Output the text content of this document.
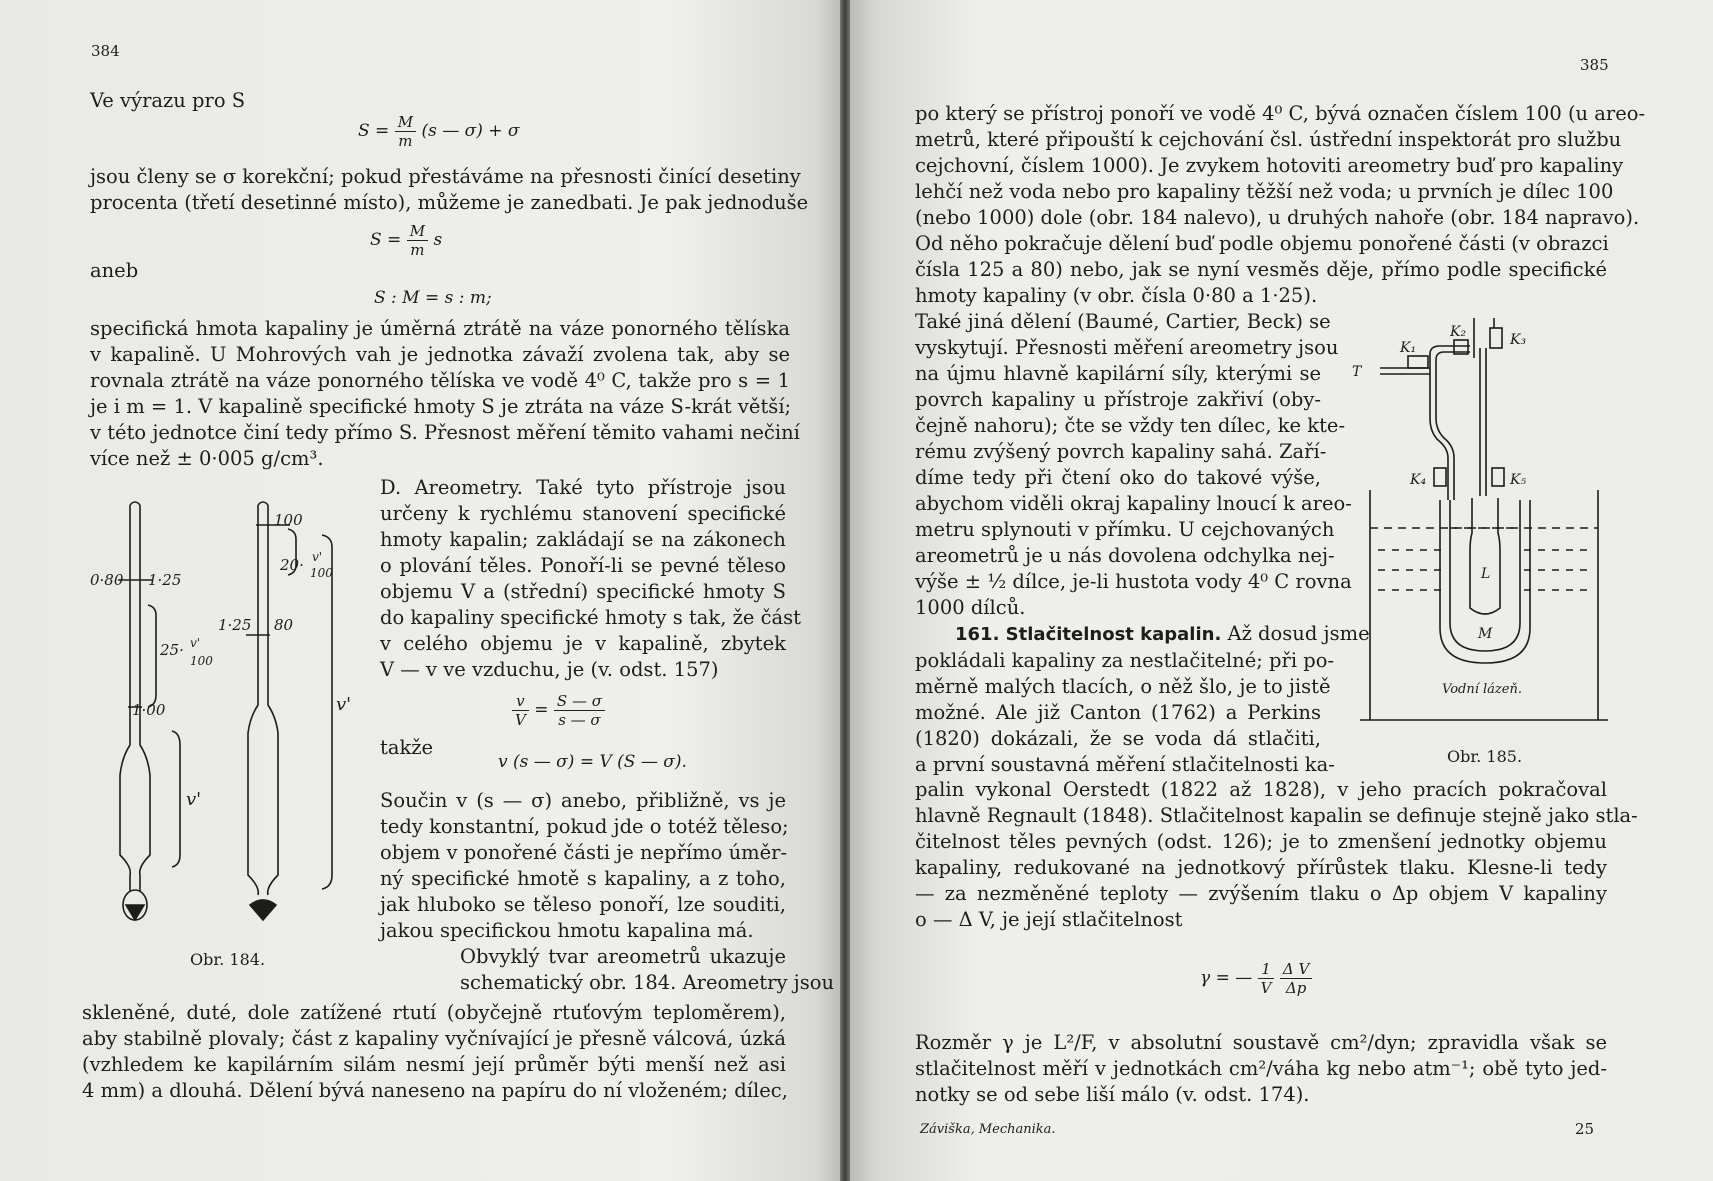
384
Ve výrazu pro S
$S = \frac{M}{m} (s$ — σ) + σ
jsou členy se σ korekční; pokud přestáváme na přesnosti činící desetiny
procenta (třetí desetinné místo), můžeme je zanedbati. Je pak jednoduše
$S = \frac{M}{m}$ s
aneb
S : M = s : m;
specifická hmota kapaliny je úměrná ztrátě na váze ponorného tělíska
v kapalině. U Mohrových vah je jednotka závaží zvolena tak, aby se
rovnala ztrátě na váze ponorného tělíska ve vodě 4⁰ C, takže pro s = 1
je i m = 1. V kapalině specifické hmoty S je ztráta na váze S-krát větší;
v této jednotce činí tedy přímo S. Přesnost měření těmito vahami nečiní
více než ± 0·005 g/cm³.
D. Areometry. Také tyto přístroje jsou
určeny k rychlému stanovení specifické
hmoty kapalin; zakládají se na zákonech
o plování těles. Ponoří-li se pevné těleso
objemu V a (střední) specifické hmoty S
do kapaliny specifické hmoty s tak, že část
v celého objemu je v kapalině, zbytek
V — v ve vzduchu, je (v. odst. 157)
$\frac{v}{V} = \frac{S — \sigma}{s — \sigma}$
takže
v (s — σ) = V (S — σ).
Součin v (s — σ) anebo, přibližně, vs je
tedy konstantní, pokud jde o totéž těleso;
objem v ponořené části je nepřímo úměr-
ný specifické hmotě s kapaliny, a z toho,
jak hluboko se těleso ponoří, lze souditi,
jakou specifickou hmotu kapalina má.
Obvyklý tvar areometrů ukazuje
schematický obr. 184. Areometry jsou
skleněné, duté, dole zatížené rtutí (obyčejně rtuťovým teploměrem),
aby stabilně plovaly; část z kapaliny vyčnívající je přesně válcová, úzká
(vzhledem ke kapilárním silám nesmí její průměr býti menší než asi
4 mm) a dlouhá. Dělení bývá naneseno na papíru do ní vloženém; dílec,
0·80 1·25
25· v'
100
1·00
v'
100
20· v'
100
1·25 80
v'
Obr. 184.
385
po který se přístroj ponoří ve vodě 4⁰ C, bývá označen číslem 100 (u areo-
metrů, které připouští k cejchování čsl. ústřední inspektorát pro službu
cejchovní, číslem 1000). Je zvykem hotoviti areometry buď pro kapaliny
lehčí než voda nebo pro kapaliny těžší než voda; u prvních je dílec 100
(nebo 1000) dole (obr. 184 nalevo), u druhých nahoře (obr. 184 napravo).
Od něho pokračuje dělení buď podle objemu ponořené části (v obrazci
čísla 125 a 80) nebo, jak se nyní vesměs děje, přímo podle specifické
hmoty kapaliny (v obr. čísla 0·80 a 1·25).
Také jiná dělení (Baumé, Cartier, Beck) se
vyskytují. Přesnosti měření areometry jsou
na újmu hlavně kapilární síly, kterými se
povrch kapaliny u přístroje zakřiví (oby-
čejně nahoru); čte se vždy ten dílec, ke kte-
rému zvýšený povrch kapaliny sahá. Zaří-
díme tedy při čtení oko do takové výše,
abychom viděli okraj kapaliny lnoucí k areo-
metru splynouti v přímku. U cejchovaných
areometrů je u nás dovolena odchylka nej-
výše ± ½ dílce, je-li hustota vody 4⁰ C rovna
1000 dílců.
161. Stlačitelnost kapalin. Až dosud jsme
pokládali kapaliny za nestlačitelné; při po-
měrně malých tlacích, o něž šlo, je to jistě
možné. Ale již Canton (1762) a Perkins
(1820) dokázali, že se voda dá stlačiti,
a první soustavná měření stlačitelnosti ka-
palin vykonal Oerstedt (1822 až 1828), v jeho pracích pokračoval
hlavně Regnault (1848). Stlačitelnost kapalin se definuje stejně jako stla-
čitelnost těles pevných (odst. 126); je to zmenšení jednotky objemu
kapaliny, redukované na jednotkový přírůstek tlaku. Klesne-li tedy
— za nezměněné teploty — zvýšením tlaku o Δp objem V kapaliny
o — Δ V, je její stlačitelnost
γ = — $\frac{1}{V}$
$\frac{\text{Δ V}}{\Delta p}$
Rozměr γ je L²/F, v absolutní soustavě cm²/dyn; zpravidla však se
stlačitelnost měří v jednotkách cm²/váha kg nebo atm⁻¹; obě tyto jed-
notky se od sebe liší málo (v. odst. 174).
Záviška, Mechanika.	25
K₂	K₃
K₁
T
K₄	K₅
L
M
Vodní lázeň.
Obr. 185.
